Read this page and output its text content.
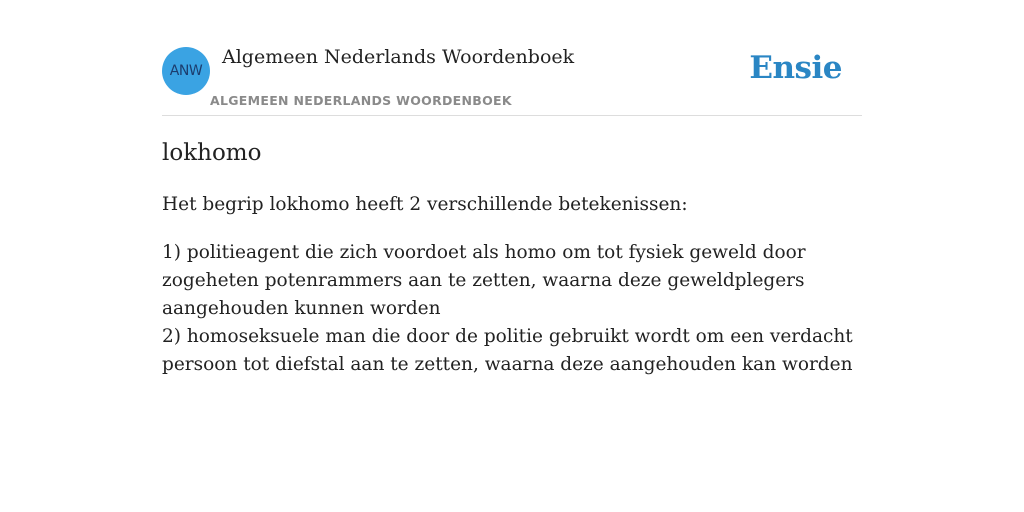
ANW
Algemeen Nederlands Woordenboek
ALGEMEEN NEDERLANDS WOORDENBOEK
Ensie
lokhomo
Het begrip lokhomo heeft 2 verschillende betekenissen:
1) politieagent die zich voordoet als homo om tot fysiek geweld door zogeheten potenrammers aan te zetten, waarna deze geweldplegers aangehouden kunnen worden
2) homoseksuele man die door de politie gebruikt wordt om een verdacht persoon tot diefstal aan te zetten, waarna deze aangehouden kan worden
